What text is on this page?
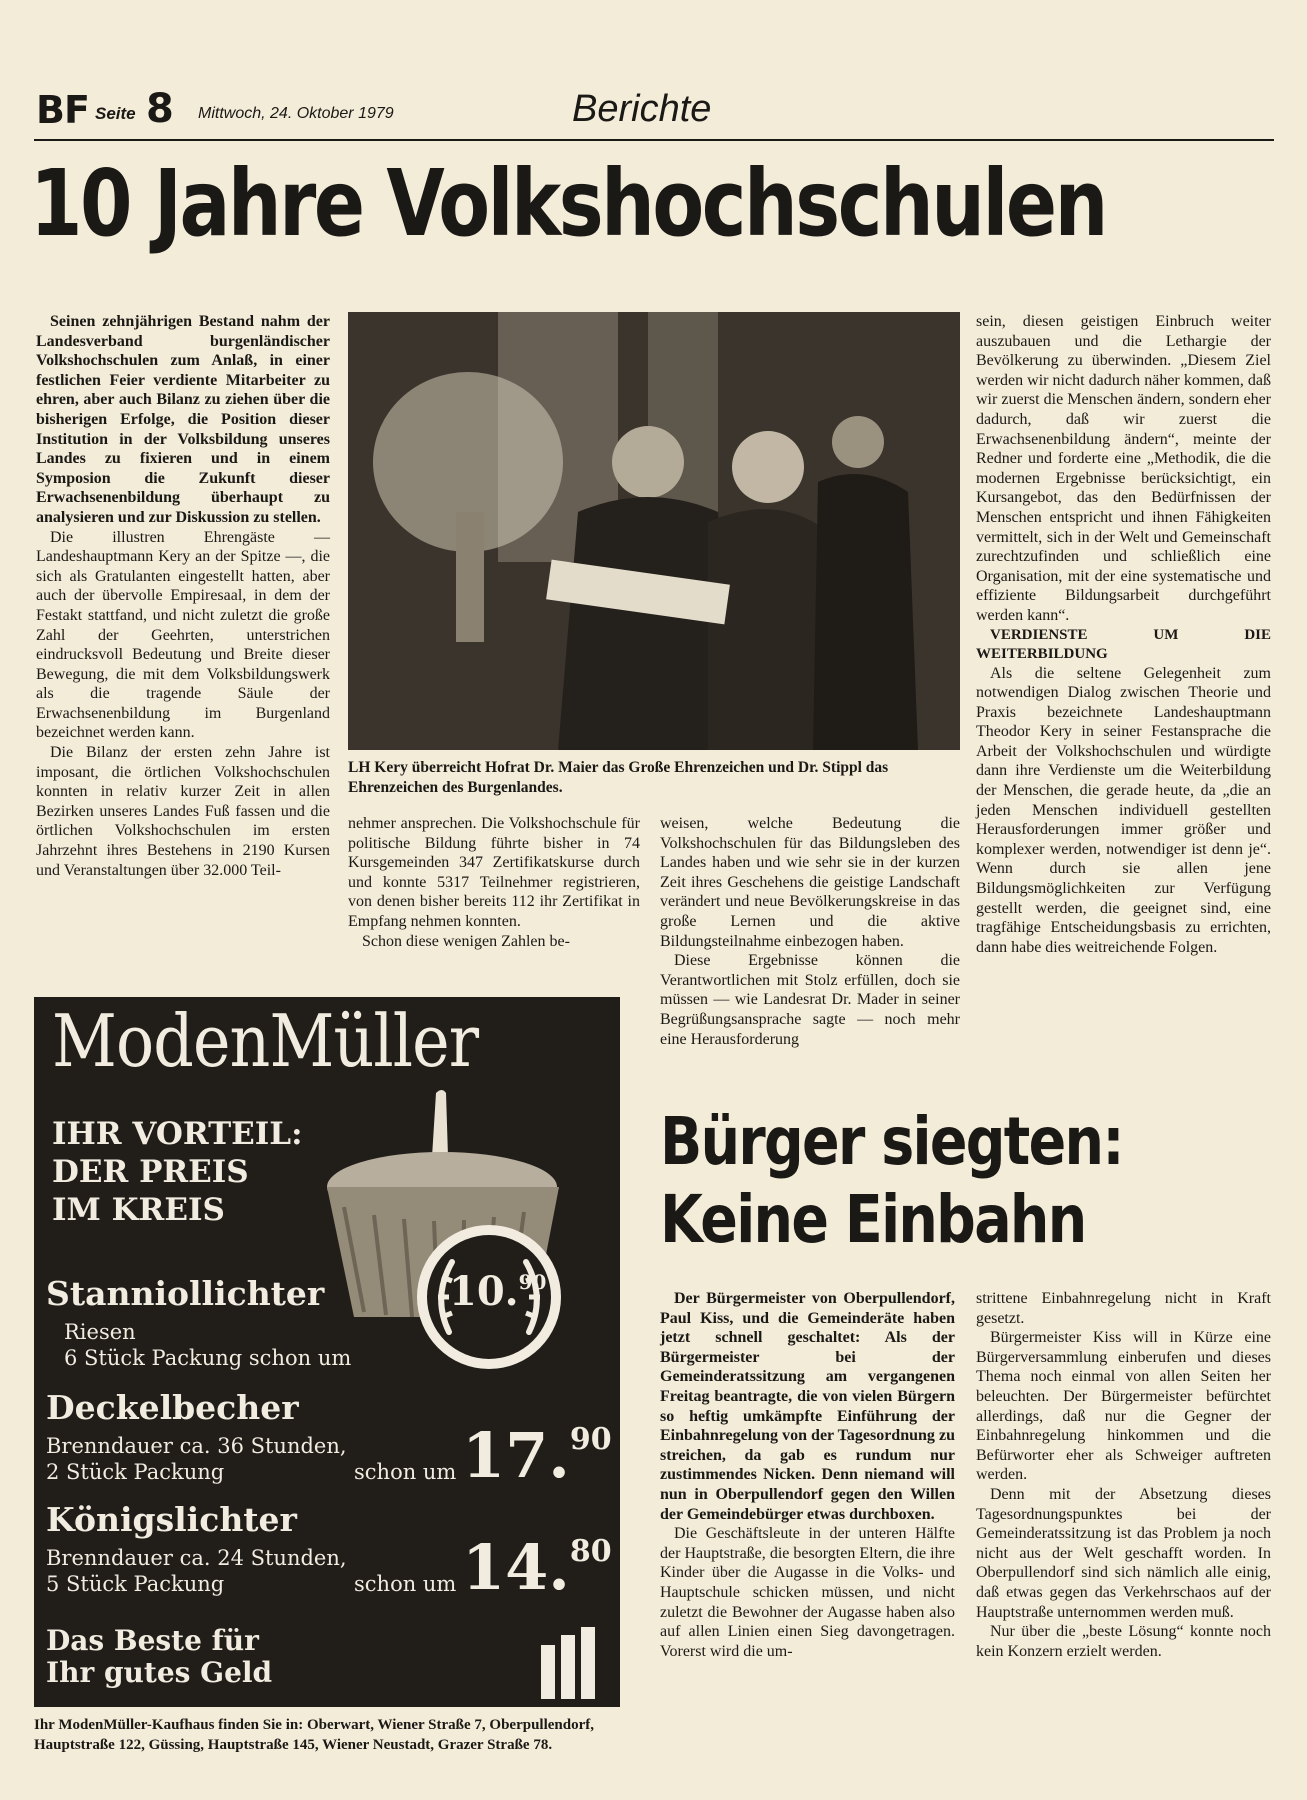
BF Seite 8 Mittwoch, 24. Oktober 1979	Berichte
10 Jahre Volkshochschulen

Seinen zehnjährigen Bestand nahm der Landesverband burgenländischer Volkshochschulen zum Anlaß, in einer festlichen Feier verdiente Mitarbeiter zu ehren, aber auch Bilanz zu ziehen über die bisherigen Erfolge, die Position dieser Institution in der Volksbildung unseres Landes zu fixieren und in einem Symposion die Zukunft dieser Erwachsenenbildung überhaupt zu analysieren und zur Diskussion zu stellen.

Die illustren Ehrengäste — Landeshauptmann Kery an der Spitze —, die sich als Gratulanten eingestellt hatten, aber auch der übervolle Empiresaal, in dem der Festakt stattfand, und nicht zuletzt die große Zahl der Geehrten, unterstrichen eindrucksvoll Bedeutung und Breite dieser Bewegung, die mit dem Volksbildungswerk als die tragende Säule der Erwachsenenbildung im Burgenland bezeichnet werden kann.

Die Bilanz der ersten zehn Jahre ist imposant, die örtlichen Volkshochschulen konnten in relativ kurzer Zeit in allen Bezirken unseres Landes Fuß fassen und die örtlichen Volkshochschulen im ersten Jahrzehnt ihres Bestehens in 2190 Kursen und Veranstaltungen über 32.000 Teil-

LH Kery überreicht Hofrat Dr. Maier das Große Ehrenzeichen und Dr. Stippl das Ehrenzeichen des Burgenlandes.

nehmer ansprechen. Die Volkshochschule für politische Bildung führte bisher in 74 Kursgemeinden 347 Zertifikatskurse durch und konnte 5317 Teilnehmer registrieren, von denen bisher bereits 112 ihr Zertifikat in Empfang nehmen konnten.

Schon diese wenigen Zahlen be-

weisen, welche Bedeutung die Volkshochschulen für das Bildungsleben des Landes haben und wie sehr sie in der kurzen Zeit ihres Geschehens die geistige Landschaft verändert und neue Bevölkerungskreise in das große Lernen und die aktive Bildungsteilnahme einbezogen haben.

Diese Ergebnisse können die Verantwortlichen mit Stolz erfüllen, doch sie müssen — wie Landesrat Dr. Mader in seiner Begrüßungsansprache sagte — noch mehr eine Herausforderung

sein, diesen geistigen Einbruch weiter auszubauen und die Lethargie der Bevölkerung zu überwinden. „Diesem Ziel werden wir nicht dadurch näher kommen, daß wir zuerst die Menschen ändern, sondern eher dadurch, daß wir zuerst die Erwachsenenbildung ändern“, meinte der Redner und forderte eine „Methodik, die die modernen Ergebnisse berücksichtigt, ein Kursangebot, das den Bedürfnissen der Menschen entspricht und ihnen Fähigkeiten vermittelt, sich in der Welt und Gemeinschaft zurechtzufinden und schließlich eine Organisation, mit der eine systematische und effiziente Bildungsarbeit durchgeführt werden kann“.

VERDIENSTE UM DIE WEITERBILDUNG

Als die seltene Gelegenheit zum notwendigen Dialog zwischen Theorie und Praxis bezeichnete Landeshauptmann Theodor Kery in seiner Festansprache die Arbeit der Volkshochschulen und würdigte dann ihre Verdienste um die Weiterbildung der Menschen, die gerade heute, da „die an jeden Menschen individuell gestellten Herausforderungen immer größer und komplexer werden, notwendiger ist denn je“. Wenn durch sie allen jene Bildungsmöglichkeiten zur Verfügung gestellt werden, die geeignet sind, eine tragfähige Entscheidungsbasis zu errichten, dann habe dies weitreichende Folgen.

ModenMüller
IHR VORTEIL:
DER PREIS
IM KREIS
10.90
Stanniollichter
Riesen
6 Stück Packung schon um
Deckelbecher
Brenndauer ca. 36 Stunden,
2 Stück Packung	schon um 17.90
Königslichter
Brenndauer ca. 24 Stunden,
5 Stück Packung	schon um 14.80
Das Beste für
Ihr gutes Geld
Ihr ModenMüller-Kaufhaus finden Sie in: Oberwart, Wiener Straße 7, Oberpullendorf, Hauptstraße 122, Güssing, Hauptstraße 145, Wiener Neustadt, Grazer Straße 78.
Bürger siegten:
Keine Einbahn

Der Bürgermeister von Oberpullendorf, Paul Kiss, und die Gemeinderäte haben jetzt schnell geschaltet: Als der Bürgermeister bei der Gemeinderatssitzung am vergangenen Freitag beantragte, die von vielen Bürgern so heftig umkämpfte Einführung der Einbahnregelung von der Tagesordnung zu streichen, da gab es rundum nur zustimmendes Nicken. Denn niemand will nun in Oberpullendorf gegen den Willen der Gemeindebürger etwas durchboxen.

Die Geschäftsleute in der unteren Hälfte der Hauptstraße, die besorgten Eltern, die ihre Kinder über die Augasse in die Volks- und Hauptschule schicken müssen, und nicht zuletzt die Bewohner der Augasse haben also auf allen Linien einen Sieg davongetragen. Vorerst wird die um-

strittene Einbahnregelung nicht in Kraft gesetzt.

Bürgermeister Kiss will in Kürze eine Bürgerversammlung einberufen und dieses Thema noch einmal von allen Seiten her beleuchten. Der Bürgermeister befürchtet allerdings, daß nur die Gegner der Einbahnregelung hinkommen und die Befürworter eher als Schweiger auftreten werden.

Denn mit der Absetzung dieses Tagesordnungspunktes bei der Gemeinderatssitzung ist das Problem ja noch nicht aus der Welt geschafft worden. In Oberpullendorf sind sich nämlich alle einig, daß etwas gegen das Verkehrschaos auf der Hauptstraße unternommen werden muß.

Nur über die „beste Lösung“ konnte noch kein Konzern erzielt werden.
